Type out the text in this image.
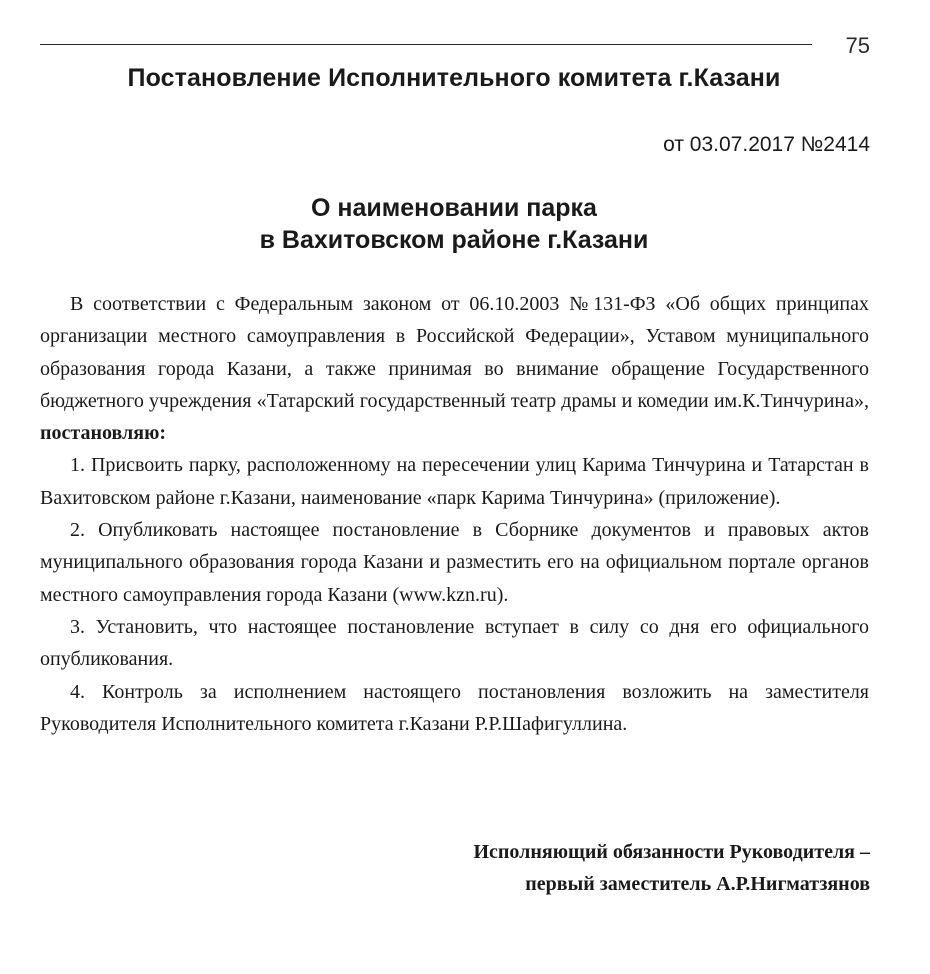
75
Постановление Исполнительного комитета г.Казани
от 03.07.2017 №2414
О наименовании парка
в Вахитовском районе г.Казани

В соответствии с Федеральным законом от 06.10.2003 №131-ФЗ «Об общих принципах организации местного самоуправления в Российской Федерации», Уставом муниципального образования города Казани, а также принимая во внимание обращение Государственного бюджетного учреждения «Татарский государственный театр драмы и комедии им.К.Тинчурина», постановляю:

1. Присвоить парку, расположенному на пересечении улиц Карима Тинчурина и Татарстан в Вахитовском районе г.Казани, наименование «парк Карима Тинчурина» (приложение).

2. Опубликовать настоящее постановление в Сборнике документов и правовых актов муниципального образования города Казани и разместить его на официальном портале органов местного самоуправления города Казани (www.kzn.ru).

3. Установить, что настоящее постановление вступает в силу со дня его официального опубликования.

4. Контроль за исполнением настоящего постановления возложить на заместителя Руководителя Исполнительного комитета г.Казани Р.Р.Шафигуллина.

Исполняющий обязанности Руководителя –
первый заместитель А.Р.Нигматзянов
